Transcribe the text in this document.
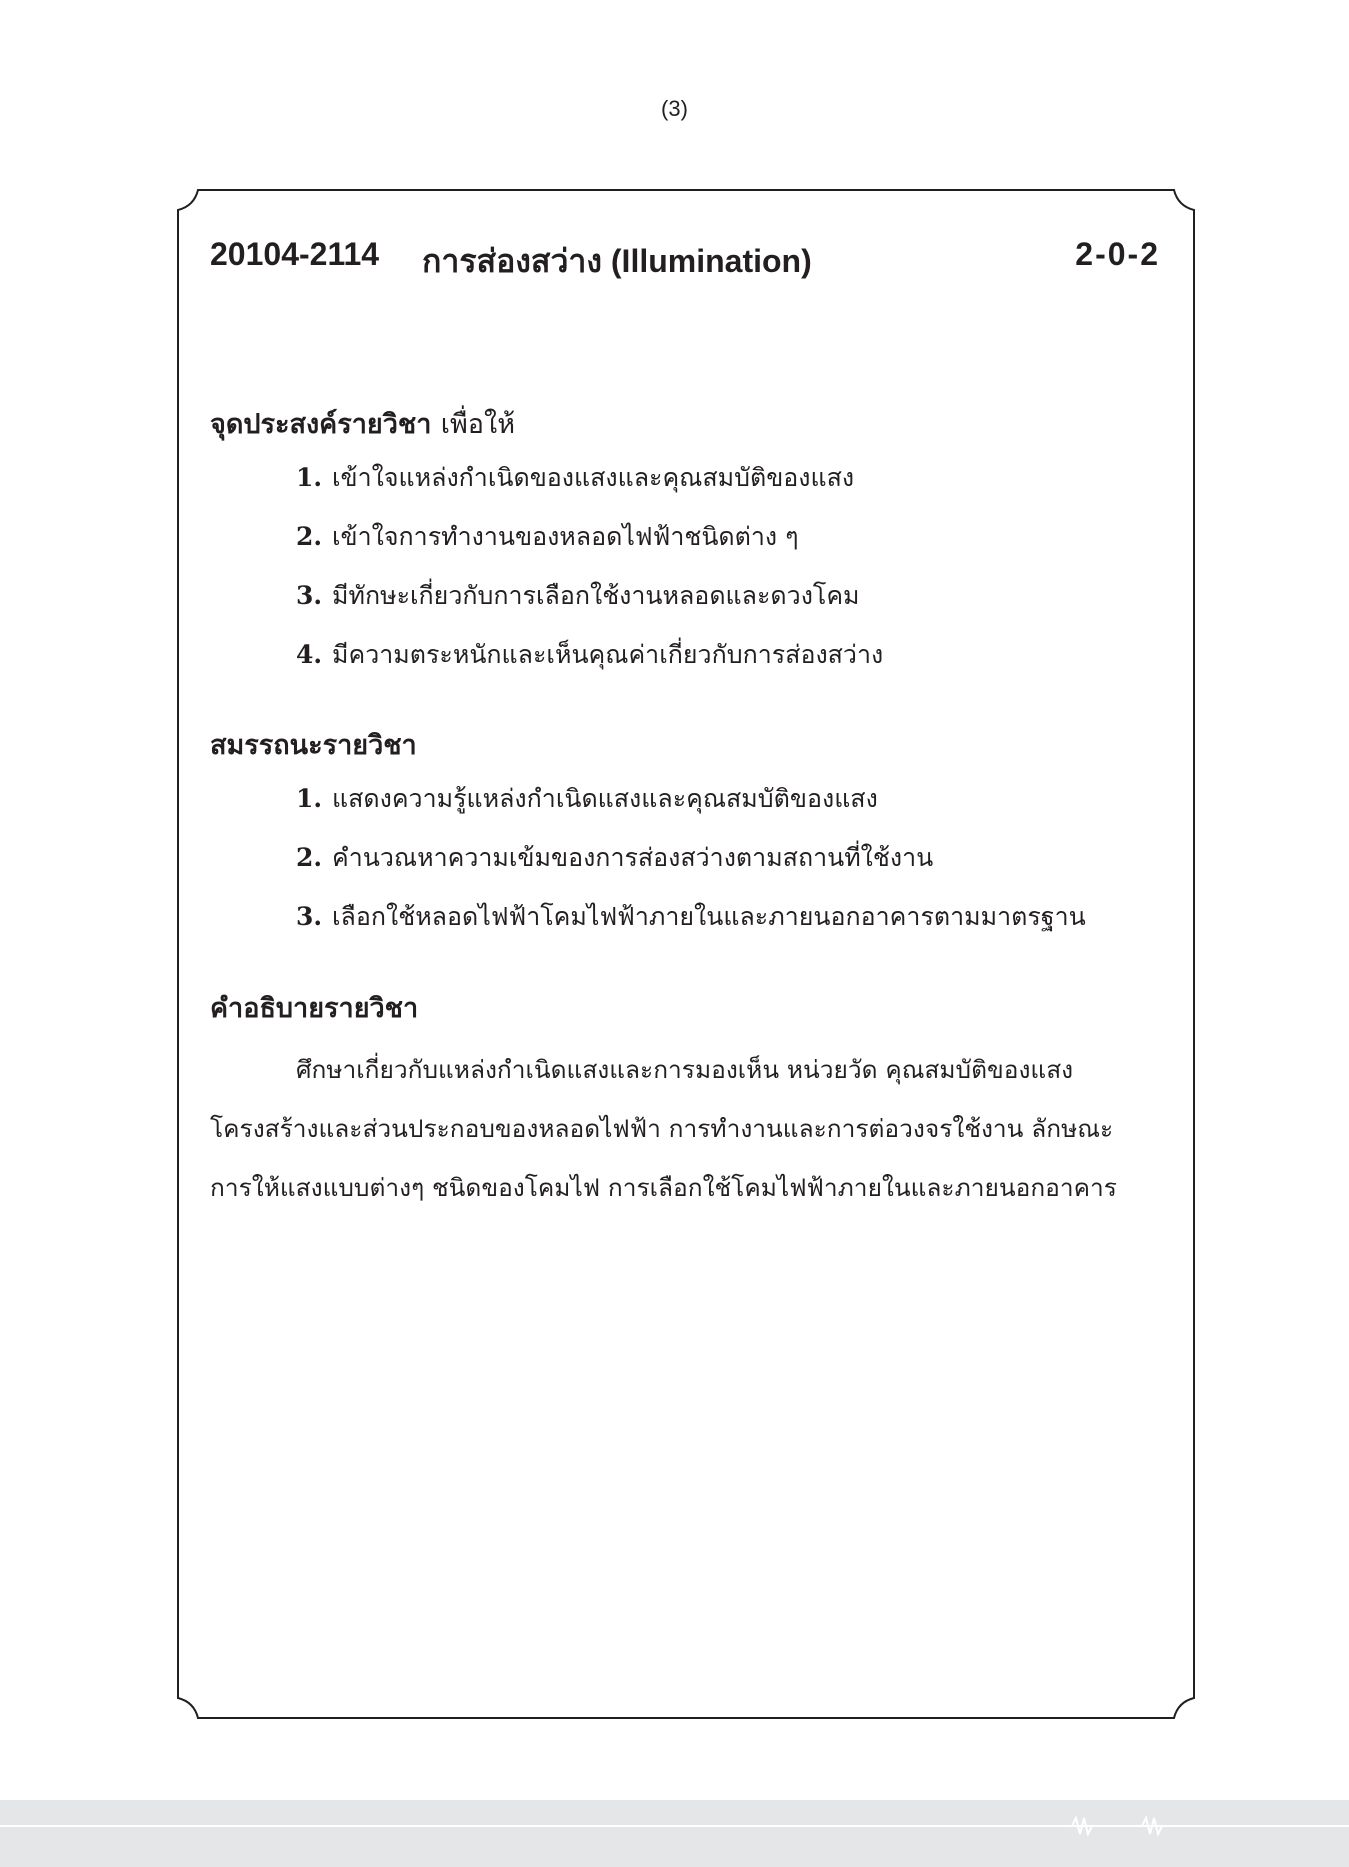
(3)
20104-2114 การส่องสว่าง (Illumination)	2-0-2
จุดประสงค์รายวิชา เพื่อให้
1. เข้าใจแหล่งกำเนิดของแสงและคุณสมบัติของแสง
2. เข้าใจการทำงานของหลอดไฟฟ้าชนิดต่าง ๆ
3. มีทักษะเกี่ยวกับการเลือกใช้งานหลอดและดวงโคม
4. มีความตระหนักและเห็นคุณค่าเกี่ยวกับการส่องสว่าง
สมรรถนะรายวิชา
1. แสดงความรู้แหล่งกำเนิดแสงและคุณสมบัติของแสง
2. คำนวณหาความเข้มของการส่องสว่างตามสถานที่ใช้งาน
3. เลือกใช้หลอดไฟฟ้าโคมไฟฟ้าภายในและภายนอกอาคารตามมาตรฐาน
คำอธิบายรายวิชา
ศึกษาเกี่ยวกับแหล่งกำเนิดแสงและการมองเห็น หน่วยวัด คุณสมบัติของแสง
โครงสร้างและส่วนประกอบของหลอดไฟฟ้า การทำงานและการต่อวงจรใช้งาน ลักษณะ
การให้แสงแบบต่างๆ ชนิดของโคมไฟ การเลือกใช้โคมไฟฟ้าภายในและภายนอกอาคาร
